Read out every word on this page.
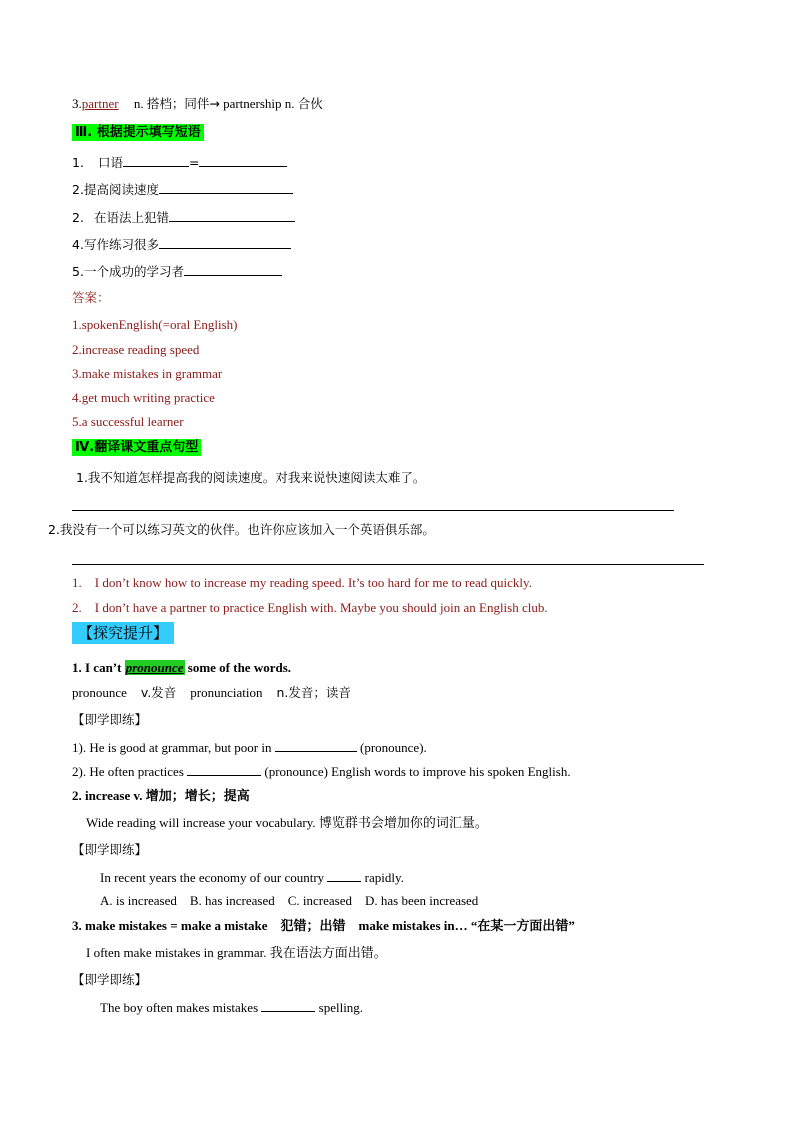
3.partner n. 搭档；同伴→ partnership n. 合伙
Ⅲ. 根据提示填写短语
1. 口语	=
2.提高阅读速度
2. 在语法上犯错
4.写作练习很多
5.一个成功的学习者
答案：
1.spokenEnglish(=oral English)
2.increase reading speed
3.make mistakes in grammar
4.get much writing practice
5.a successful learner
Ⅳ.翻译课文重点句型
1.我不知道怎样提高我的阅读速度。对我来说快速阅读太难了。
2.我没有一个可以练习英文的伙伴。也许你应该加入一个英语俱乐部。
1. I don’t know how to increase my reading speed. It’s too hard for me to read quickly.
2. I don’t have a partner to practice English with. Maybe you should join an English club.
【探究提升】
1. I can’t pronounce some of the words.
pronounce v.发音 pronunciation n.发音；读音
【即学即练】
1). He is good at grammar, but poor in	(pronounce).
2). He often practices	(pronounce) English words to improve his spoken English.
2. increase v. 增加；增长；提高
Wide reading will increase your vocabulary. 博览群书会增加你的词汇量。
【即学即练】
In recent years the economy of our country	rapidly.
A. is increased    B. has increased    C. increased    D. has been increased
3. make mistakes = make a mistake    犯错；出错    make mistakes in… “在某一方面出错”
I often make mistakes in grammar. 我在语法方面出错。
【即学即练】
The boy often makes mistakes	spelling.
